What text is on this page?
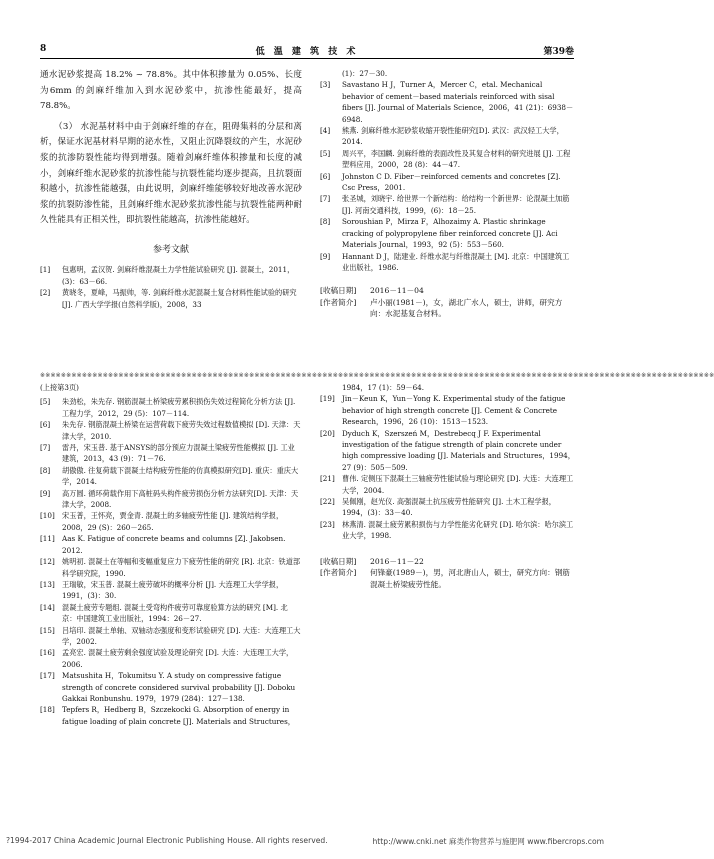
8	低 温 建 筑 技 术	第39卷

通水泥砂浆提高 18.2% ~ 78.8%。其中体积掺量为 0.05%、长度为6mm 的剑麻纤维加入到水泥砂浆中，抗渗性能最好，提高78.8%。

（3） 水泥基材料中由于剑麻纤维的存在，阻碍集料的分层和离析，保证水泥基材料早期的泌水性，又阻止沉降裂纹的产生，水泥砂浆的抗渗防裂性能均得到增强。随着剑麻纤维体积掺量和长度的减小，剑麻纤维水泥砂浆的抗渗性能与抗裂性能均逐步提高，且抗裂面积越小，抗渗性能越强，由此说明，剑麻纤维能够较好地改善水泥砂浆的抗裂防渗性能，且剑麻纤维水泥砂浆抗渗性能与抗裂性能两种耐久性能具有正相关性，即抗裂性能越高，抗渗性能越好。

参考文献

[1]	包惠明，孟汉贺. 剑麻纤维混凝土力学性能试验研究 [J]. 混凝土，2011，(3)：63－66.
[2]	黄晓冬，夏峰，马振帅，等. 剑麻纤维水泥混凝土复合材料性能试验的研究[J]. 广西大学学报(自然科学版)，2008，33
(1)：27－30.
[3]	Savastano H J，Turner A，Mercer C，etal. Mechanical behavior of cement－based materials reinforced with sisal fibers [J]. Journal of Materials Science，2006，41 (21)：6938－6948.
[4]	熊燕. 剑麻纤维水泥砂浆收缩开裂性能研究[D]. 武汉：武汉轻工大学，2014.
[5]	周兴平，李国麟. 剑麻纤维的表面改性及其复合材料的研究进展 [J]. 工程塑料应用，2000，28 (8)：44－47.
[6]	Johnston C D. Fiber－reinforced cements and concretes [Z]. Csc Press，2001.
[7]	张圣城，刘晓宇. 给世界一个新结构：给结构一个新世界：论混凝土加筋 [J]. 河南交通科技，1999，(6)：18－25.
[8]	Soroushian P，Mirza F，Alhozaimy A. Plastic shrinkage cracking of polypropylene fiber reinforced concrete [J]. Aci Materials Journal，1993，92 (5)：553－560.
[9]	Hannant D J，陆建业. 纤维水泥与纤维混凝土 [M]. 北京：中国建筑工业出版社，1986.
[收稿日期]	2016－11－04
[作者简介]	卢小丽(1981－)，女，湖北广水人，硕士，讲师，研究方向：水泥基复合材料。
※※※※※※※※※※※※※※※※※※※※※※※※※※※※※※※※※※※※※※※※※※※※※※※※※※※※※※※※※※※※※※※※※※※※※※※※※※※※※※※※※※※※※※※※※※※※※※※※※※※※※※※※※※※※※※※※※※※※※※※※※※※※※※※※※

(上接第3页)

[5]	朱劲松，朱先存. 钢筋混凝土桥梁疲劳累积损伤失效过程简化分析方法 [J]. 工程力学，2012，29 (5)：107－114.
[6]	朱先存. 钢筋混凝土桥梁在运营荷载下疲劳失效过程数值模拟 [D]. 天津：天津大学，2010.
[7]	雷丹，宋玉普. 基于ANSYS的部分预应力混凝土梁疲劳性能模拟 [J]. 工业建筑，2013，43 (9)：71－76.
[8]	胡傲傲. 往复荷载下混凝土结构疲劳性能的仿真模拟研究[D]. 重庆：重庆大学，2014.
[9]	高万圆. 循环荷载作用下高桩码头构件疲劳损伤分析方法研究[D]. 天津：天津大学，2008.
[10]	宋玉普，王怀亮，贾金青. 混凝土的多轴疲劳性能 [J]. 建筑结构学报，2008，29 (S)：260－265.
[11]	Aas K. Fatigue of concrete beams and columns [Z]. Jakobsen. 2012.
[12]	姚明初. 混凝土在等幅和变幅重复应力下疲劳性能的研究 [R]. 北京：铁道部科学研究院，1990.
[13]	王瑞敏，宋玉普. 混凝土疲劳破坏的概率分析 [J]. 大连理工大学学报，1991，(3)：30.
[14]	混凝土疲劳专题组. 混凝土受弯构件疲劳可靠度验算方法的研究 [M]. 北京：中国建筑工业出版社，1994：26－27.
[15]	吕培印. 混凝土单轴、双轴动态强度和变形试验研究 [D]. 大连：大连理工大学，2002.
[16]	孟亮宏. 混凝土疲劳剩余强度试验及理论研究 [D]. 大连：大连理工大学，2006.
[17]	Matsushita H，Tokumitsu Y. A study on compressive fatigue strength of concrete considered survival probability [J]. Doboku Gakkai Ronbunshu. 1979，1979 (284)：127－138.
[18]	Tepfers R，Hedberg B，Szczekocki G. Absorption of energy in fatigue loading of plain concrete [J]. Materials and Structures，
1984，17 (1)：59－64.
[19]	Jin－Keun K，Yun－Yong K. Experimental study of the fatigue behavior of high strength concrete [J]. Cement & Concrete Research，1996，26 (10)：1513－1523.
[20]	Dyduch K，Szerszeń M，Destrebecq J F. Experimental investigation of the fatigue strength of plain concrete under high compressive loading [J]. Materials and Structures，1994，27 (9)：505－509.
[21]	曹伟. 定侧压下混凝土三轴疲劳性能试验与理论研究 [D]. 大连：大连理工大学，2004.
[22]	吴佩刚，赵光仪. 高强混凝土抗压疲劳性能研究 [J]. 土木工程学报，1994，(3)：33－40.
[23]	林燕清. 混凝土疲劳累积损伤与力学性能劣化研究 [D]. 哈尔滨：哈尔滨工业大学，1998.
[收稿日期]	2016－11－22
[作者简介]	何锋豪(1989－)，男，河北唐山人，硕士，研究方向：钢筋混凝土桥梁疲劳性能。
?1994-2017 China Academic Journal Electronic Publishing House. All rights reserved.	http://www.cnki.net 麻类作物营养与施肥网 www.fibercrops.com
